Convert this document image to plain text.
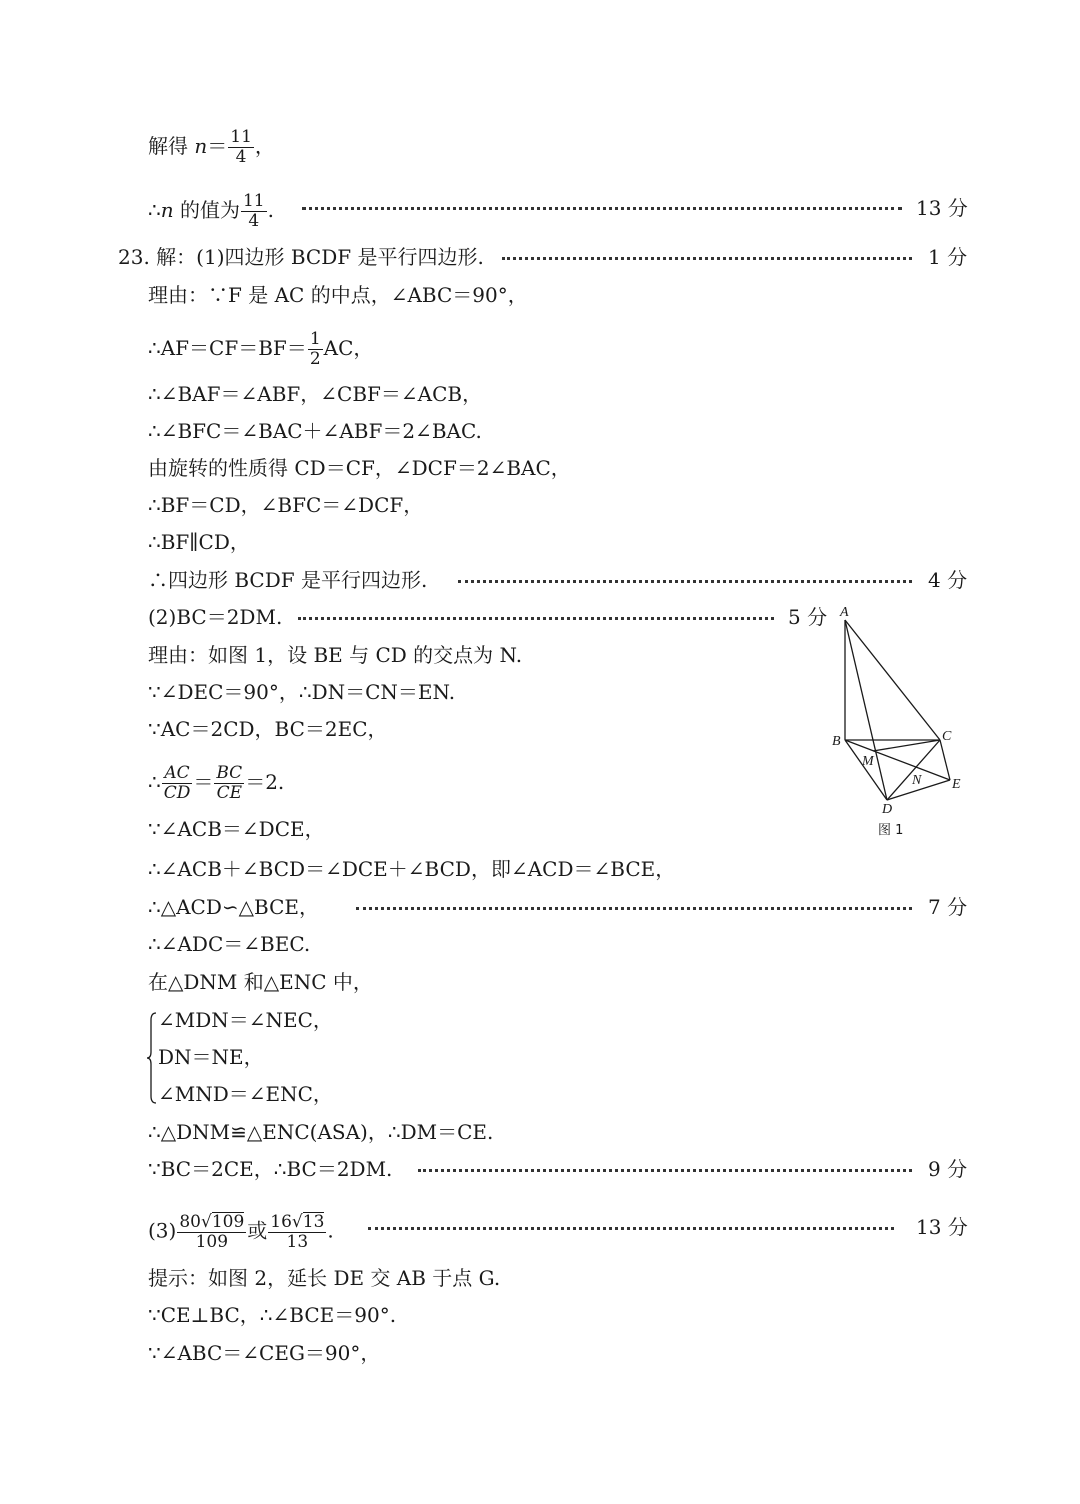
解得 $n= \frac{11}{4}$ ，
∴n 的值为 $\frac{11}{4}$ .	13 分
23. 解：(1)四边形 BCDF 是平行四边形.	1 分
理由：∵F 是 AC 的中点，∠ABC＝90°，
∴AF＝CF＝BF＝ $\frac{1}{2}$ AC，
∴∠BAF＝∠ABF，∠CBF＝∠ACB，
∴∠BFC＝∠BAC＋∠ABF＝2∠BAC.
由旋转的性质得 CD＝CF，∠DCF＝2∠BAC，
∴BF＝CD，∠BFC＝∠DCF，
∴BF∥CD，
∴四边形 BCDF 是平行四边形.	4 分
(2)BC＝2DM.	5 分
理由：如图 1，设 BE 与 CD 的交点为 N.
∵∠DEC＝90°，∴DN＝CN＝EN.
∵AC＝2CD，BC＝2EC，
∴ $\frac{AC}{CD} = \frac{BC}{CE} =2$.
∵∠ACB＝∠DCE，
∴∠ACB＋∠BCD＝∠DCE＋∠BCD，即∠ACD＝∠BCE，
∴△ACD∽△BCE，	7 分
∴∠ADC＝∠BEC.
在△DNM 和△ENC 中，
∠MDN＝∠NEC，
DN＝NE，
∠MND＝∠ENC，
∴△DNM≌△ENC(ASA)，∴DM＝CE.
∵BC＝2CE，∴BC＝2DM.	9 分
$(3) \frac{80√109}{109}$ 或 $\frac{16√13}{13}$ .	13 分
提示：如图 2，延长 DE 交 AB 于点 G.
∵CE⊥BC，∴∠BCE＝90°.
∵∠ABC＝∠CEG＝90°，
A
B	C
M
N E
D
图 1
